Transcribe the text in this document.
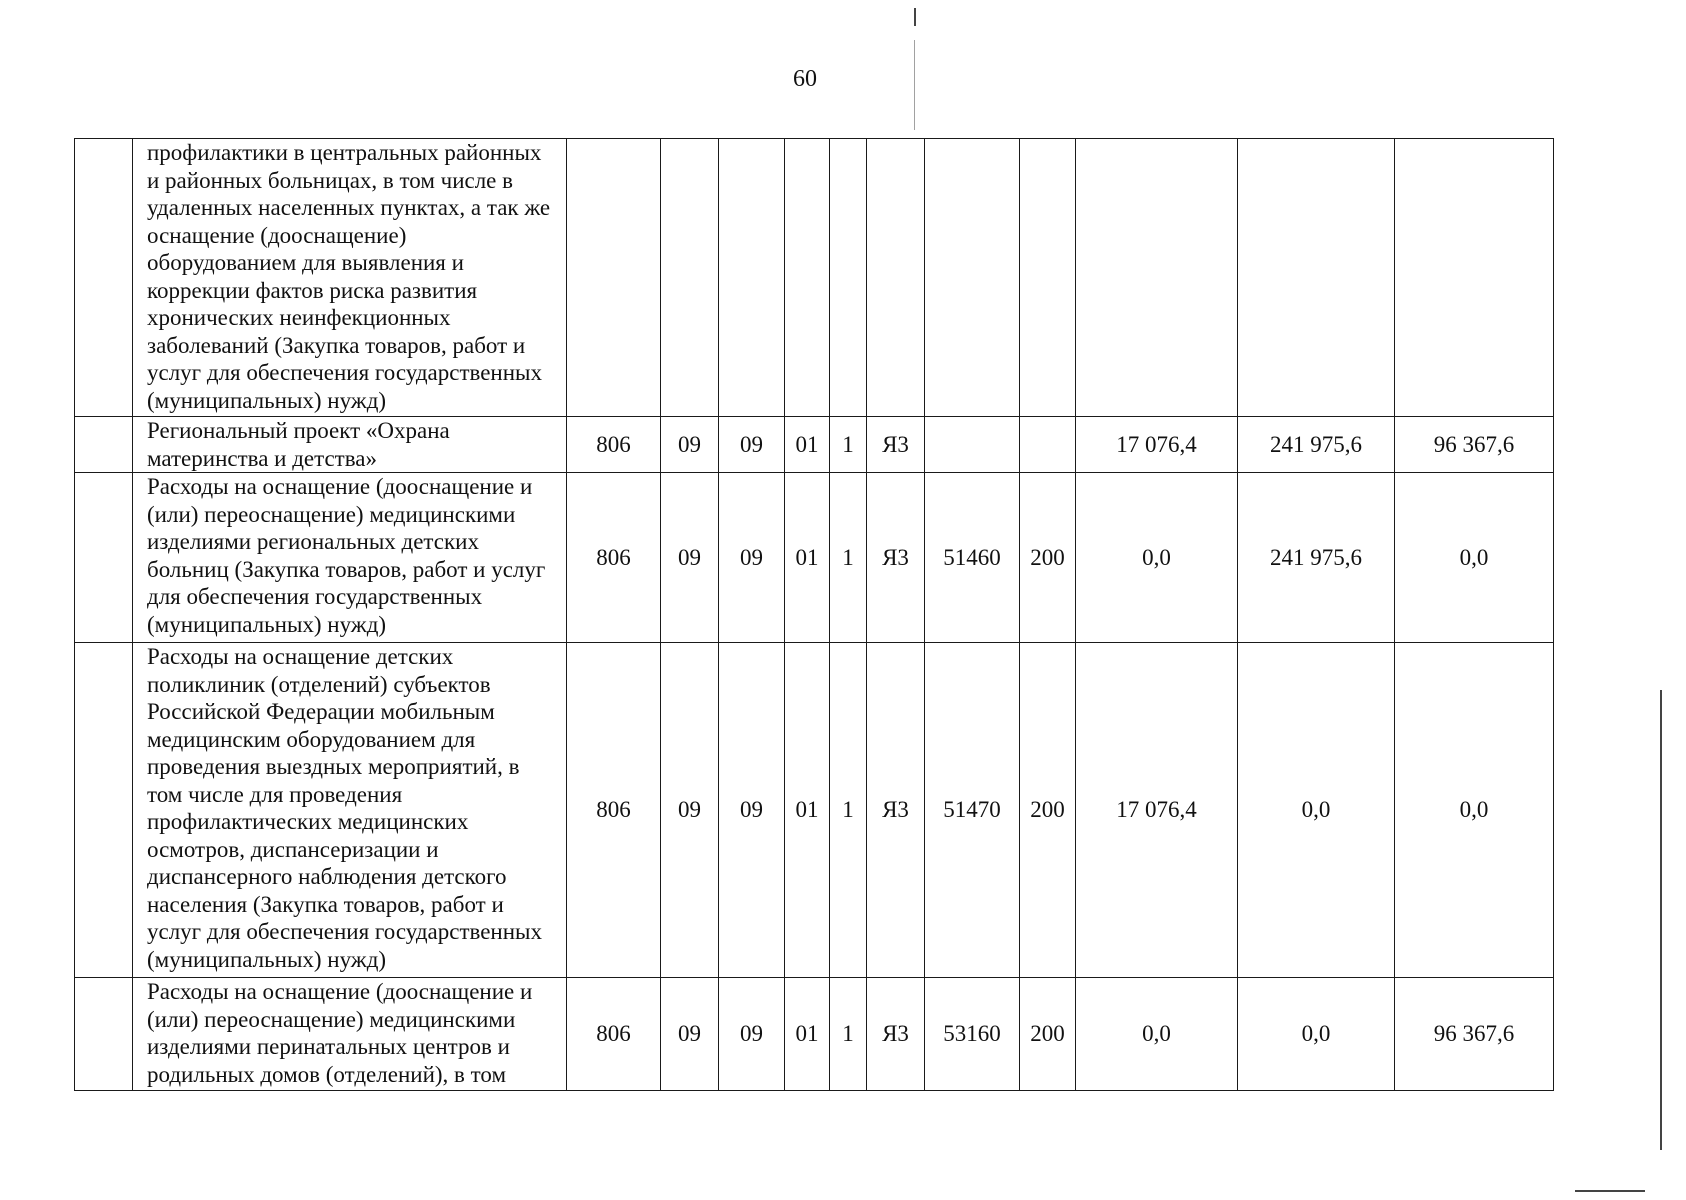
60
	профилактики в центральных районных и районных больницах, в том числе в удаленных населенных пунктах, а так же оснащение (дооснащение) оборудованием для выявления и коррекции фактов риска развития хронических неинфекционных заболеваний (Закупка товаров, работ и услуг для обеспечения государственных (муниципальных) нужд)											
	Региональный проект «Охрана материнства и детства»	806	09	09	01	1	Я3			17 076,4	241 975,6	96 367,6
	Расходы на оснащение (дооснащение и (или) переоснащение) медицинскими изделиями региональных детских больниц (Закупка товаров, работ и услуг для обеспечения государственных (муниципальных) нужд)	806	09	09	01	1	Я3	51460	200	0,0	241 975,6	0,0
	Расходы на оснащение детских поликлиник (отделений) субъектов Российской Федерации мобильным медицинским оборудованием для проведения выездных мероприятий, в том числе для проведения профилактических медицинских осмотров, диспансеризации и диспансерного наблюдения детского населения (Закупка товаров, работ и услуг для обеспечения государственных (муниципальных) нужд)	806	09	09	01	1	Я3	51470	200	17 076,4	0,0	0,0
	Расходы на оснащение (дооснащение и (или) переоснащение) медицинскими изделиями перинатальных центров и родильных домов (отделений), в том	806	09	09	01	1	Я3	53160	200	0,0	0,0	96 367,6
